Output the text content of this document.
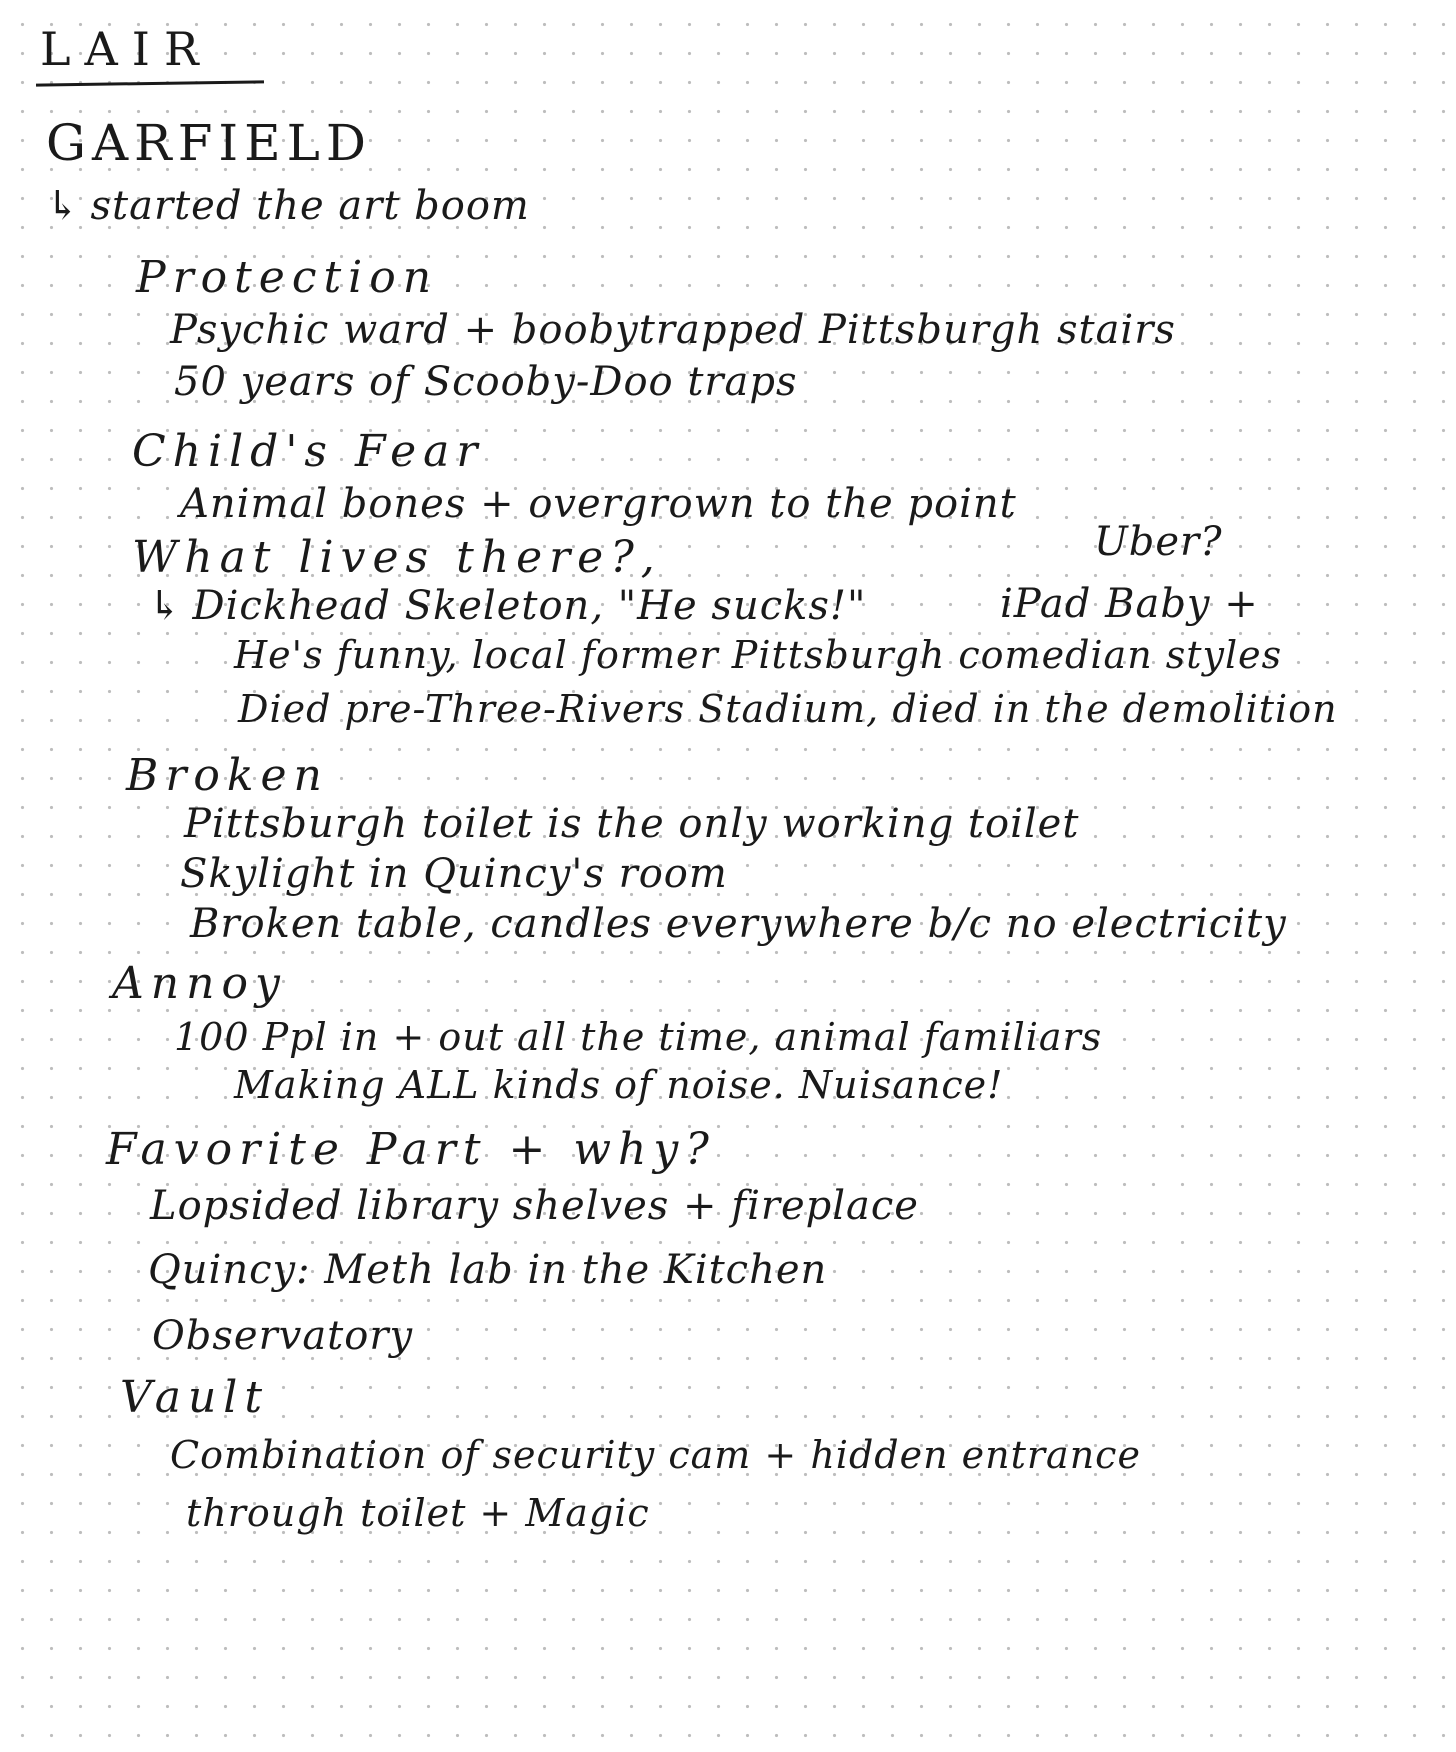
LAIR
GARFIELD
↳ started the art boom
Protection
Psychic ward + boobytrapped Pittsburgh stairs
50 years of Scooby-Doo traps
Child's Fear
Animal bones + overgrown to the point
Uber?
What lives there?,
↳ Dickhead Skeleton, "He sucks!"	iPad Baby +
He's funny, local former Pittsburgh comedian styles
Died pre-Three-Rivers Stadium, died in the demolition
Broken
Pittsburgh toilet is the only working toilet
Skylight in Quincy's room
Broken table, candles everywhere b/c no electricity
Annoy
100 Ppl in + out all the time, animal familiars
Making ALL kinds of noise. Nuisance!
Favorite Part + why?
Lopsided library shelves + fireplace
Quincy: Meth lab in the Kitchen
Observatory
Vault
Combination of security cam + hidden entrance
through toilet + Magic
